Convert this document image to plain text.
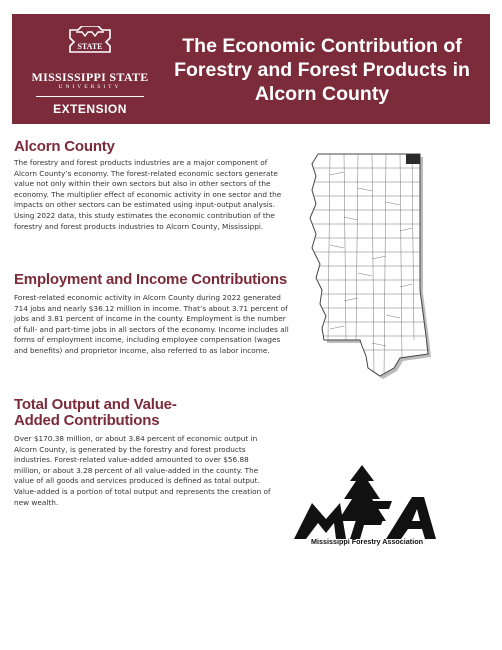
STATE
MISSISSIPPI STATE
UNIVERSITY
EXTENSION
The Economic Contribution of Forestry and Forest Products in Alcorn County
Alcorn County

The forestry and forest products industries are a major component of Alcorn County’s economy. The forest-related economic sectors generate value not only within their own sectors but also in other sectors of the economy. The multiplier effect of economic activity in one sector and the impacts on other sectors can be estimated using input-output analysis. Using 2022 data, this study estimates the economic contribution of the forestry and forest products industries to Alcorn County, Mississippi.

Employment and Income Contributions

Forest-related economic activity in Alcorn County during 2022 generated 714 jobs and nearly $36.12 million in income. That’s about 3.71 percent of jobs and 3.81 percent of income in the county. Employment is the number of full- and part-time jobs in all sectors of the economy. Income includes all forms of employment income, including employee compensation (wages and benefits) and proprietor income, also referred to as labor income.

Total Output and Value-Added Contributions

Over $170.38 million, or about 3.84 percent of economic output in Alcorn County, is generated by the forestry and forest products industries. Forest-related value-added amounted to over $56.88 million, or about 3.28 percent of all value-added in the county. The value of all goods and services produced is defined as total output. Value-added is a portion of total output and represents the creation of new wealth.

Mississippi Forestry Association
